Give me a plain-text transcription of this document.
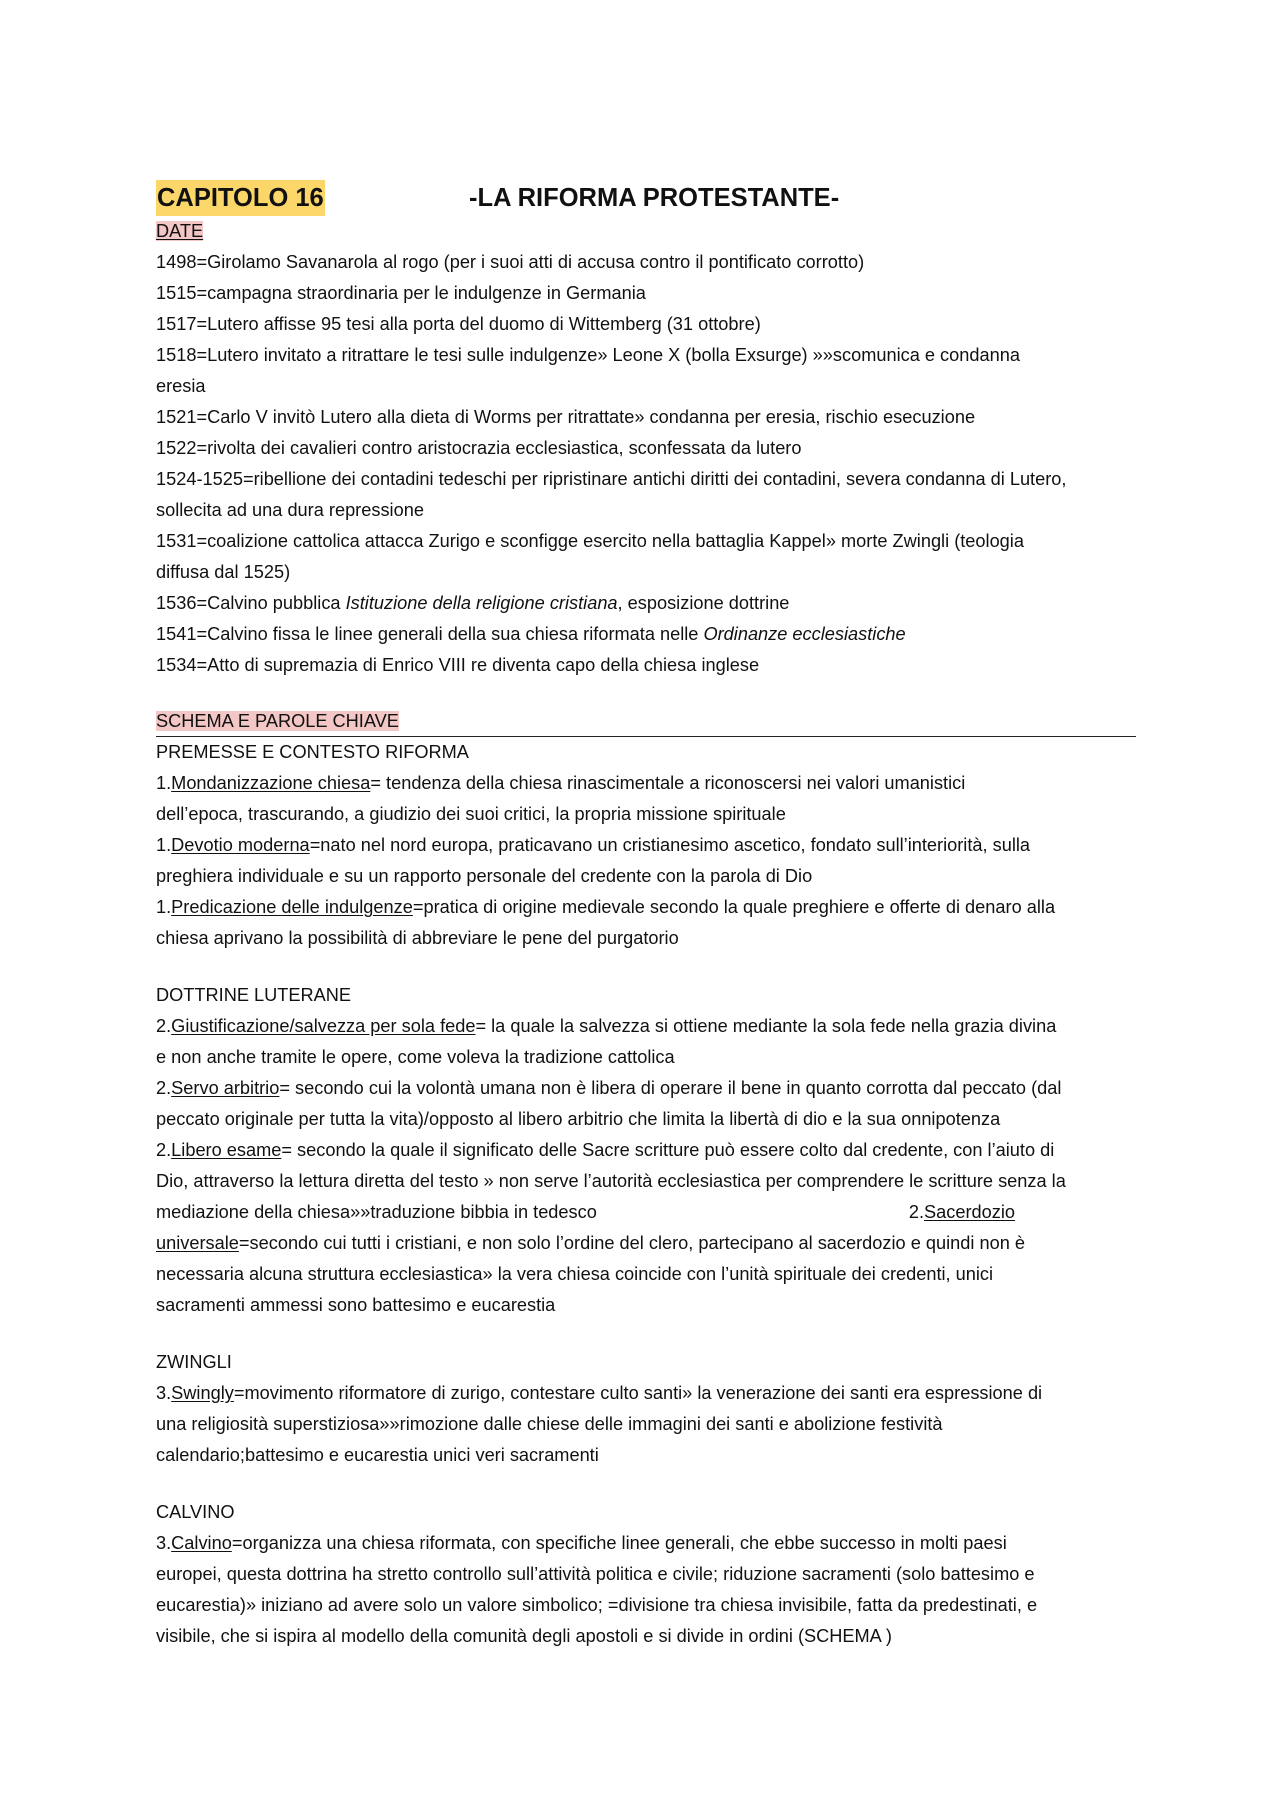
CAPITOLO 16	-LA RIFORMA PROTESTANTE-
DATE
1498=Girolamo Savanarola al rogo (per i suoi atti di accusa contro il pontificato corrotto)
1515=campagna straordinaria per le indulgenze in Germania
1517=Lutero affisse 95 tesi alla porta del duomo di Wittemberg (31 ottobre)
1518=Lutero invitato a ritrattare le tesi sulle indulgenze» Leone X (bolla Exsurge) »»scomunica e condanna
eresia
1521=Carlo V invitò Lutero alla dieta di Worms per ritrattate» condanna per eresia, rischio esecuzione
1522=rivolta dei cavalieri contro aristocrazia ecclesiastica, sconfessata da lutero
1524-1525=ribellione dei contadini tedeschi per ripristinare antichi diritti dei contadini, severa condanna di Lutero,
sollecita ad una dura repressione
1531=coalizione cattolica attacca Zurigo e sconfigge esercito nella battaglia Kappel» morte Zwingli (teologia
diffusa dal 1525)
1536=Calvino pubblica Istituzione della religione cristiana, esposizione dottrine
1541=Calvino fissa le linee generali della sua chiesa riformata nelle Ordinanze ecclesiastiche
1534=Atto di supremazia di Enrico VIII re diventa capo della chiesa inglese
SCHEMA E PAROLE CHIAVE
PREMESSE E CONTESTO RIFORMA
1.Mondanizzazione chiesa= tendenza della chiesa rinascimentale a riconoscersi nei valori umanistici
dell’epoca, trascurando, a giudizio dei suoi critici, la propria missione spirituale
1.Devotio moderna=nato nel nord europa, praticavano un cristianesimo ascetico, fondato sull’interiorità, sulla
preghiera individuale e su un rapporto personale del credente con la parola di Dio
1.Predicazione delle indulgenze=pratica di origine medievale secondo la quale preghiere e offerte di denaro alla
chiesa aprivano la possibilità di abbreviare le pene del purgatorio
DOTTRINE LUTERANE
2.Giustificazione/salvezza per sola fede= la quale la salvezza si ottiene mediante la sola fede nella grazia divina
e non anche tramite le opere, come voleva la tradizione cattolica
2.Servo arbitrio= secondo cui la volontà umana non è libera di operare il bene in quanto corrotta dal peccato (dal
peccato originale per tutta la vita)/opposto al libero arbitrio che limita la libertà di dio e la sua onnipotenza
2.Libero esame= secondo la quale il significato delle Sacre scritture può essere colto dal credente, con l’aiuto di
Dio, attraverso la lettura diretta del testo » non serve l’autorità ecclesiastica per comprendere le scritture senza la
mediazione della chiesa»»traduzione bibbia in tedesco	2.Sacerdozio
universale=secondo cui tutti i cristiani, e non solo l’ordine del clero, partecipano al sacerdozio e quindi non è
necessaria alcuna struttura ecclesiastica» la vera chiesa coincide con l’unità spirituale dei credenti, unici
sacramenti ammessi sono battesimo e eucarestia
ZWINGLI
3.Swingly=movimento riformatore di zurigo, contestare culto santi» la venerazione dei santi era espressione di
una religiosità superstiziosa»»rimozione dalle chiese delle immagini dei santi e abolizione festività
calendario;battesimo e eucarestia unici veri sacramenti
CALVINO
3.Calvino=organizza una chiesa riformata, con specifiche linee generali, che ebbe successo in molti paesi
europei, questa dottrina ha stretto controllo sull’attività politica e civile; riduzione sacramenti (solo battesimo e
eucarestia)» iniziano ad avere solo un valore simbolico; =divisione tra chiesa invisibile, fatta da predestinati, e
visibile, che si ispira al modello della comunità degli apostoli e si divide in ordini (SCHEMA )
